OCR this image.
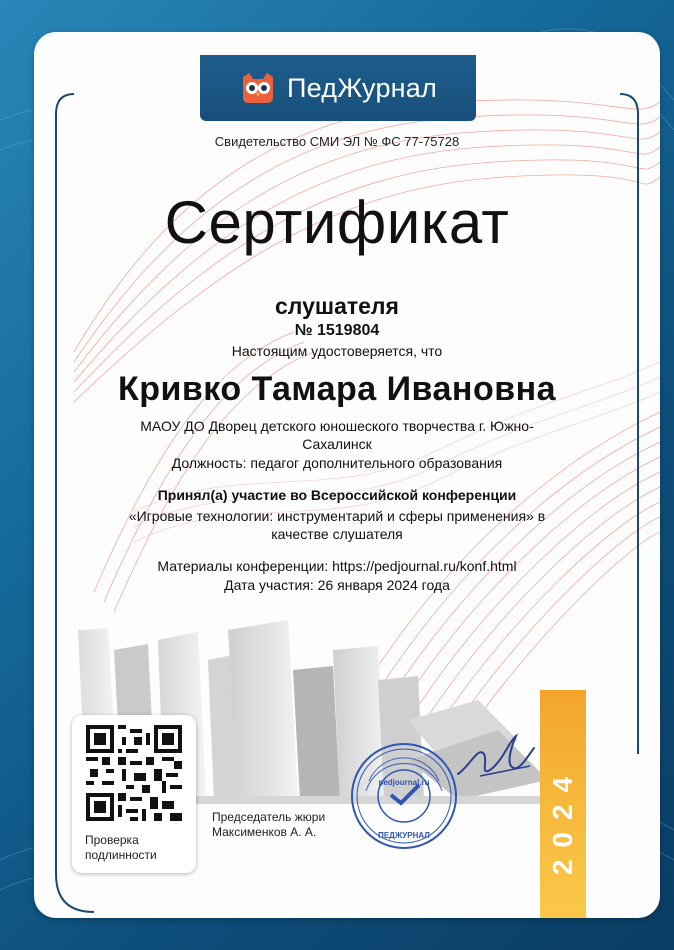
ПедЖурнал
Свидетельство СМИ ЭЛ № ФС 77-75728
Сертификат
слушателя
№ 1519804
Настоящим удостоверяется, что
Кривко Тамара Ивановна
МАОУ ДО Дворец детского юношеского творчества г. Южно-Сахалинск
Должность: педагог дополнительного образования
Принял(а) участие во Всероссийской конференции
«Игровые технологии: инструментарий и сферы применения» в качестве слушателя
Материалы конференции: https://pedjournal.ru/konf.html
Дата участия: 26 января 2024 года
Проверка подлинности
Председатель жюри
Максименков А. А.
pedjournal.ru
ПЕДЖУРНАЛ	2024
